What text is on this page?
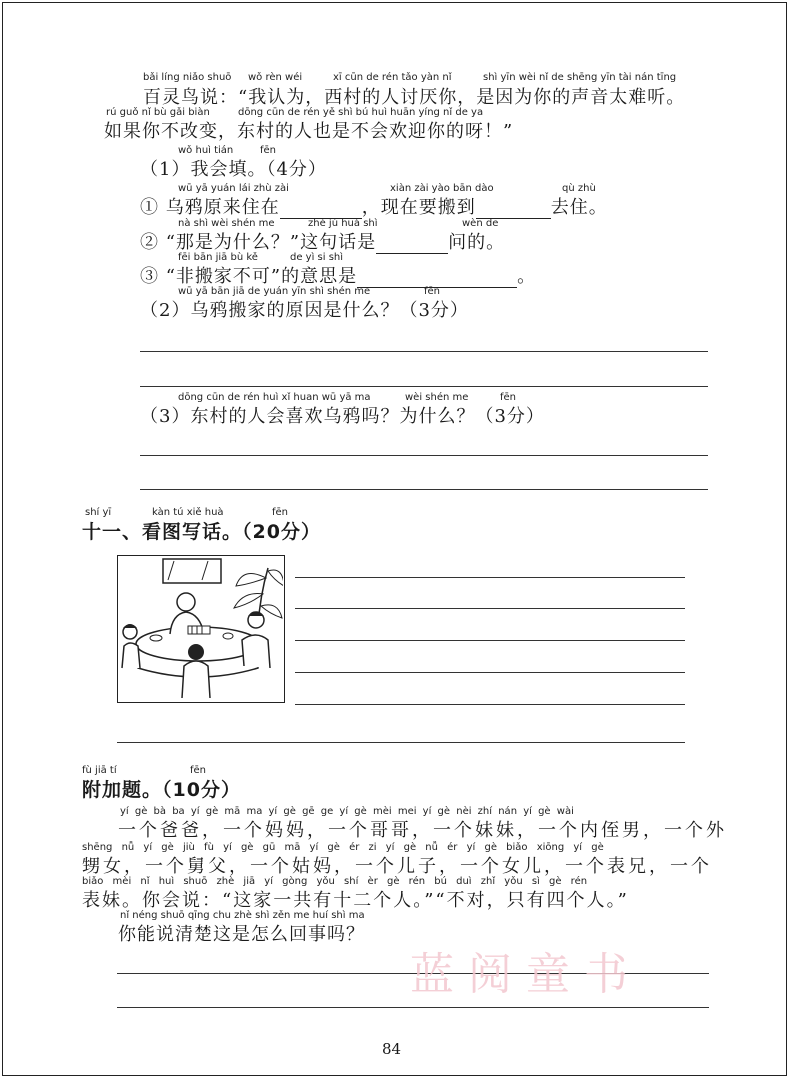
bǎi líng niǎo shuō wǒ rèn wéi	xī cūn de rén tǎo yàn nǐ	shì yīn wèi nǐ de shēng yīn tài nán tīng
百灵鸟说：“我认为，西村的人讨厌你，是因为你的声音太难听。
rú guǒ nǐ bù gǎi biàn	dōng cūn de rén yě shì bú huì huān yíng nǐ de ya
如果你不改变，东村的人也是不会欢迎你的呀！”
wǒ huì tián	fēn
（1）我会填。（4分）
wū yā yuán lái zhù zài	xiàn zài yào bān dào	qù zhù
① 乌鸦原来住在	，现在要搬到	去住。
nà shì wèi shén me	zhè jù huà shì	wèn de
② “那是为什么？”这句话是	问的。
fēi bān jiā bù kě	de yì si shì
③ “非搬家不可”的意思是	。
wū yā bān jiā de yuán yīn shì shén me	fēn
（2）乌鸦搬家的原因是什么？（3分）
dōng cūn de rén huì xǐ huan wū yā ma	wèi shén me	fēn
（3）东村的人会喜欢乌鸦吗？为什么？（3分）
shí yī	kàn tú xiě huà	fēn
十一、看图写话。（20分）
fù jiā tí	fēn
附加题。（10分）
yí gè bà ba yí gè mā ma yí gè gē ge yí gè mèi mei yí gè nèi zhí nán yí gè wài
一个爸爸，一个妈妈，一个哥哥，一个妹妹，一个内侄男，一个外
shēng nǚ yí gè jiù fù yí gè gū mā yí gè ér zi yí gè nǚ ér yí gè biǎo xiōng yí gè
甥女，一个舅父，一个姑妈，一个儿子，一个女儿，一个表兄，一个
biǎo mèi nǐ huì shuō zhè jiā yí gòng yǒu shí èr gè rén bú duì zhǐ yǒu sì gè rén
表妹。你会说：“这家一共有十二个人。”“不对，只有四个人。”
nǐ néng shuō qīng chu zhè shì zěn me huí shì ma
你能说清楚这是怎么回事吗？
蓝阅童书
84
